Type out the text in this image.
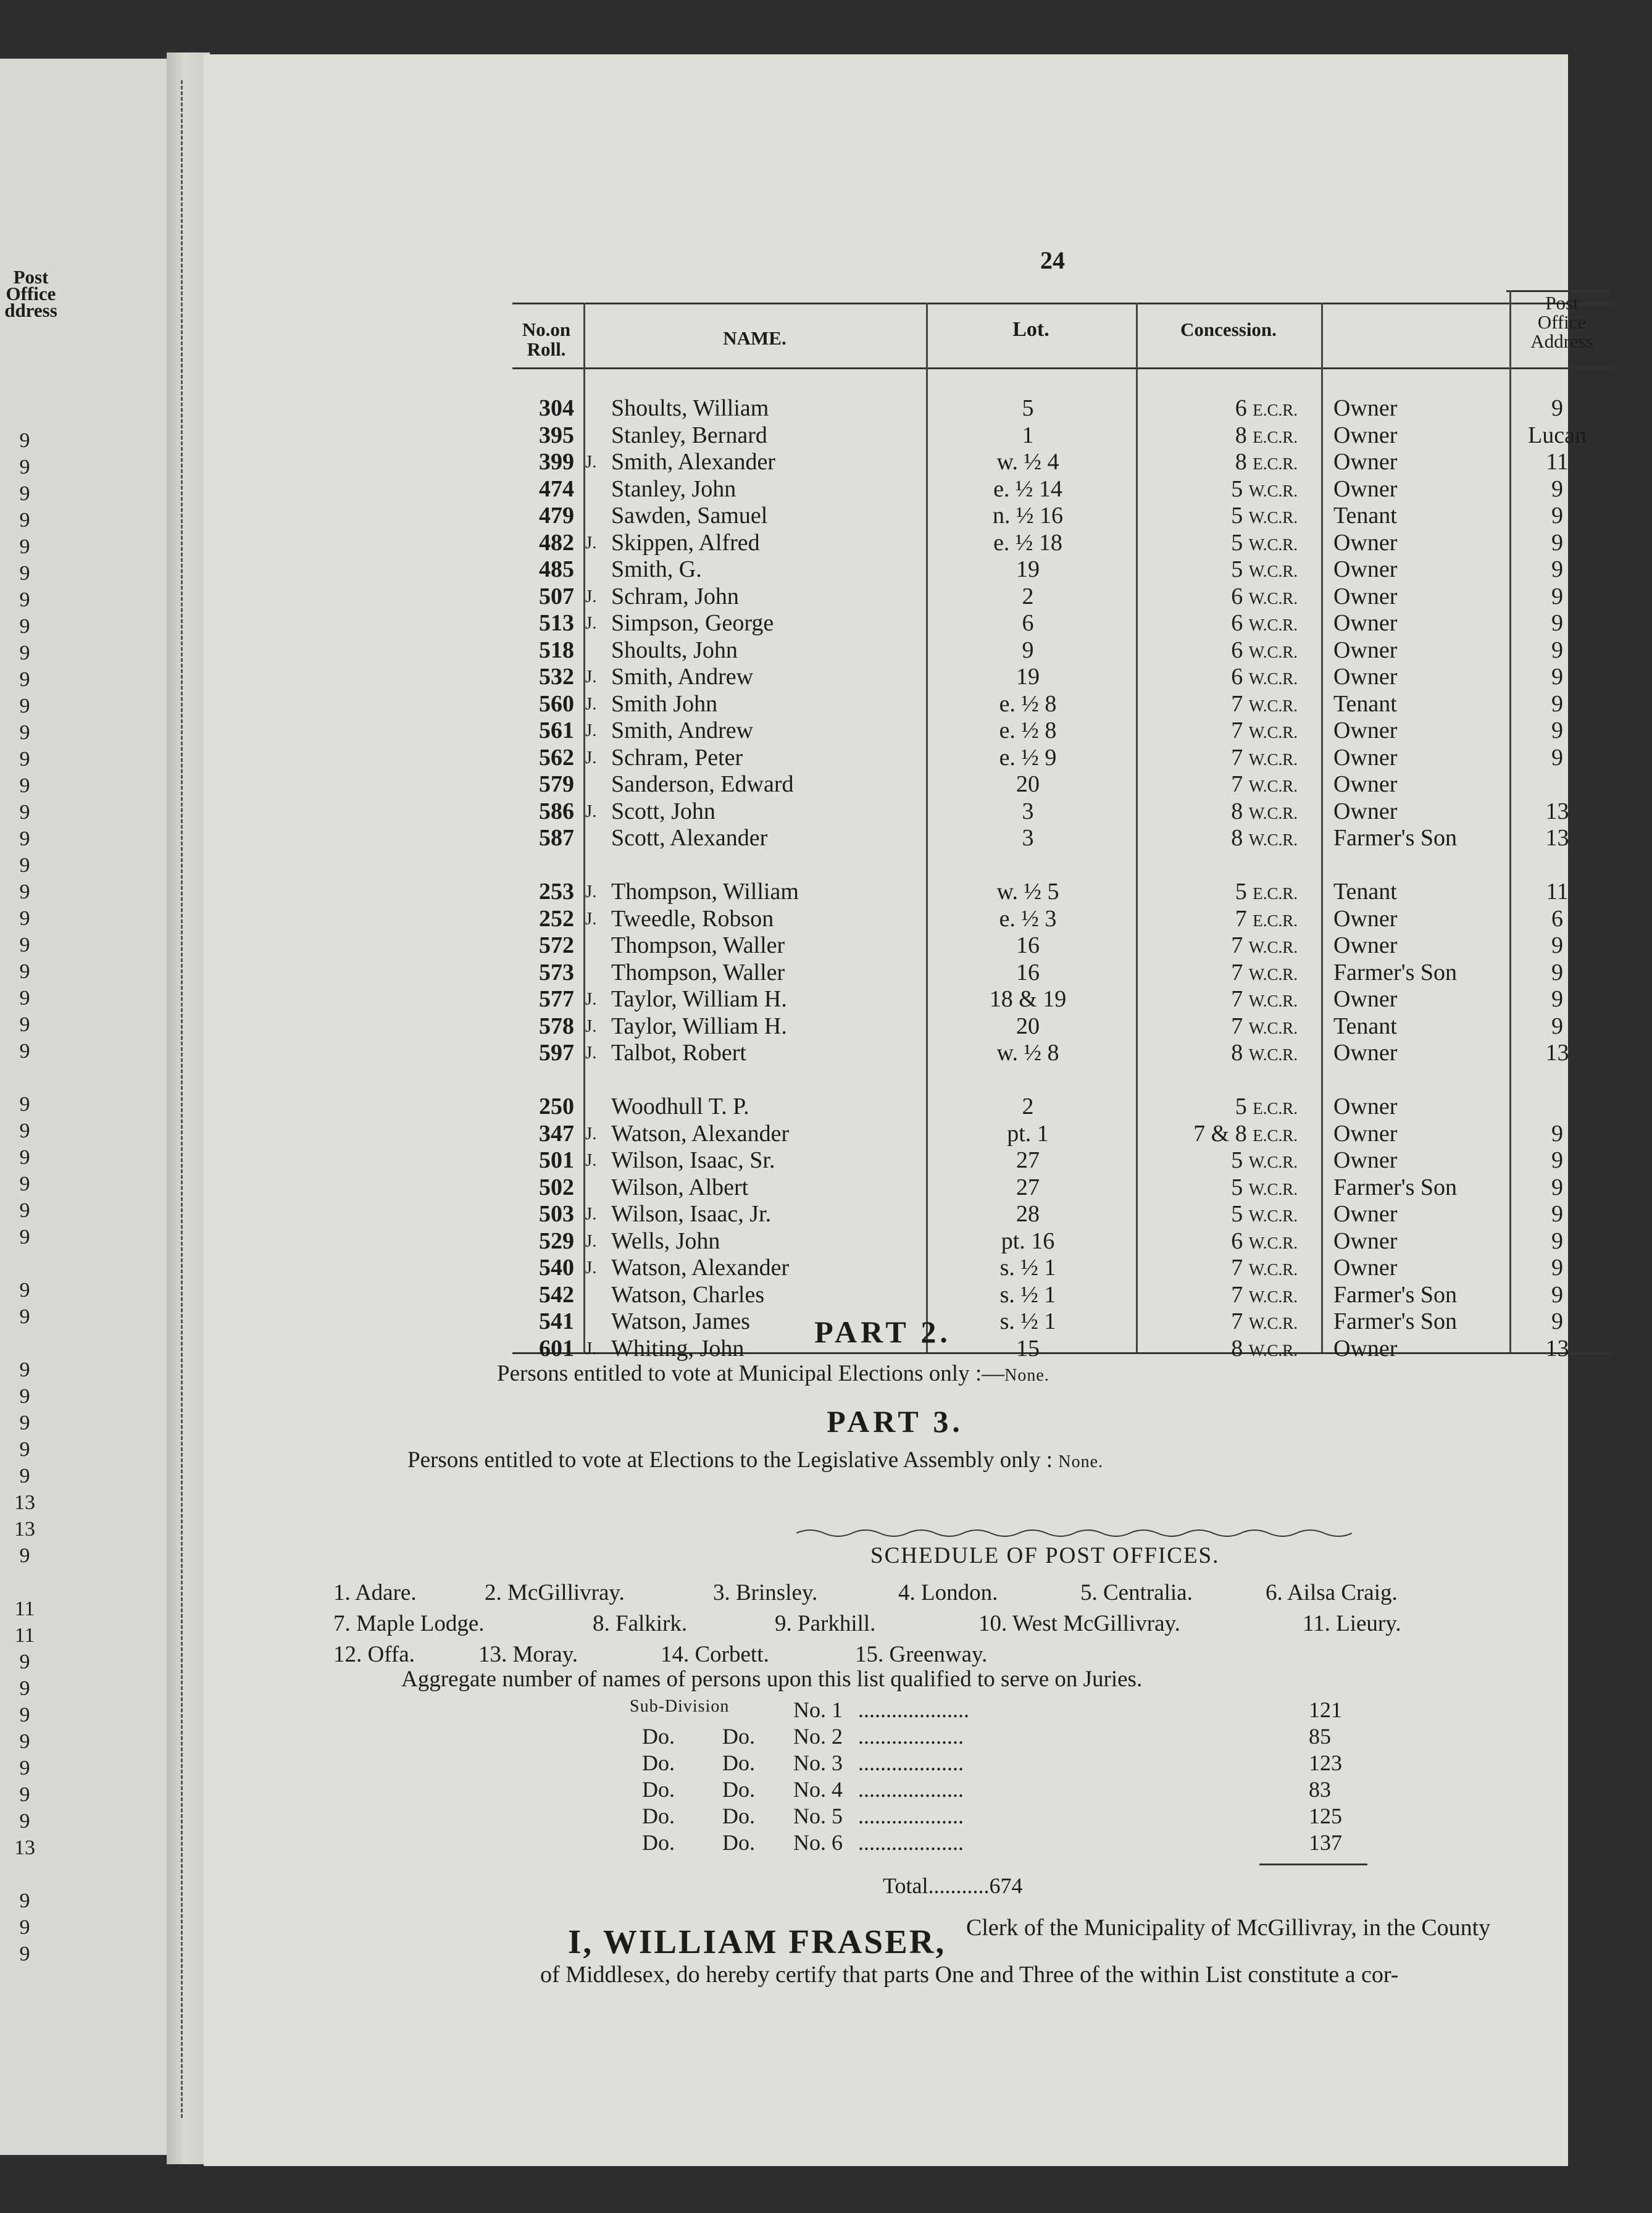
Post
Office
ddress
9
9
9
9
9
9
9
9
9
9
9
9
9
9
9
9
9
9
9
9
9
9
9
9
9
9
9
9
9
9
9
9
9
9
9
9
9
13
13
9
11
11
9
9
9
9
9
9
9
13
9
9
9
24
No.on
Roll.
NAME.	Lot.	Concession.
Post
Office
Address
304 Shoults, William	5	6 E.C.R. Owner	9
395 Stanley, Bernard	1	8 E.C.R. Owner	Lucan
399 J. Smith, Alexander	w. ½ 4	8 E.C.R. Owner	11
474 Stanley, John	e. ½ 14	5 W.C.R. Owner	9
479 Sawden, Samuel	n. ½ 16	5 W.C.R. Tenant	9
482 J. Skippen, Alfred	e. ½ 18	5 W.C.R. Owner	9
485 Smith, G.	19	5 W.C.R. Owner	9
507 J. Schram, John	2	6 W.C.R. Owner	9
513 J. Simpson, George	6	6 W.C.R. Owner	9
518 Shoults, John	9	6 W.C.R. Owner	9
532 J. Smith, Andrew	19	6 W.C.R. Owner	9
560 J. Smith John	e. ½ 8	7 W.C.R. Tenant	9
561 J. Smith, Andrew	e. ½ 8	7 W.C.R. Owner	9
562 J. Schram, Peter	e. ½ 9	7 W.C.R. Owner	9
579 Sanderson, Edward	20	7 W.C.R. Owner
586 J. Scott, John	3	8 W.C.R. Owner	13
587 Scott, Alexander	3	8 W.C.R. Farmer's Son	13
253 J. Thompson, William	w. ½ 5	5 E.C.R. Tenant	11
252 J. Tweedle, Robson	e. ½ 3	7 E.C.R. Owner	6
572 Thompson, Waller	16	7 W.C.R. Owner	9
573 Thompson, Waller	16	7 W.C.R. Farmer's Son	9
577 J. Taylor, William H.	18 & 19	7 W.C.R. Owner	9
578 J. Taylor, William H.	20	7 W.C.R. Tenant	9
597 J. Talbot, Robert	w. ½ 8	8 W.C.R. Owner	13
250 Woodhull T. P.	2	5 E.C.R. Owner
347 J. Watson, Alexander	pt. 1	7 & 8 E.C.R. Owner	9
501 J. Wilson, Isaac, Sr.	27	5 W.C.R. Owner	9
502 Wilson, Albert	27	5 W.C.R. Farmer's Son	9
503 J. Wilson, Isaac, Jr.	28	5 W.C.R. Owner	9
529 J. Wells, John	pt. 16	6 W.C.R. Owner	9
540 J. Watson, Alexander	s. ½ 1	7 W.C.R. Owner	9
542 Watson, Charles	s. ½ 1	7 W.C.R. Farmer's Son	9
541 Watson, James	s. ½ 1	7 W.C.R. Farmer's Son	9
601 J. Whiting, John	15	8 W.C.R. Owner	13
PART 2.
Persons entitled to vote at Municipal Elections only :—None.
PART 3.
Persons entitled to vote at Elections to the Legislative Assembly only : None.
SCHEDULE OF POST OFFICES.
1. Adare.	2. McGillivray.	3. Brinsley.	4. London.	5. Centralia.	6. Ailsa Craig.
7. Maple Lodge.	8. Falkirk.	9. Parkhill.	10. West McGillivray.	11. Lieury.
12. Offa.	13. Moray.	14. Corbett.	15. Greenway.
Aggregate number of names of persons upon this list qualified to serve on Juries.
Sub-Division	No. 1 ....................	121
Do. Do. No. 2 ...................	85
Do. Do. No. 3 ...................	123
Do. Do. No. 4 ...................	83
Do. Do. No. 5 ...................	125
Do. Do. No. 6 ...................	137
Total...........674
I, WILLIAM FRASER, Clerk of the Municipality of McGillivray, in the County
of Middlesex, do hereby certify that parts One and Three of the within List constitute a cor-
